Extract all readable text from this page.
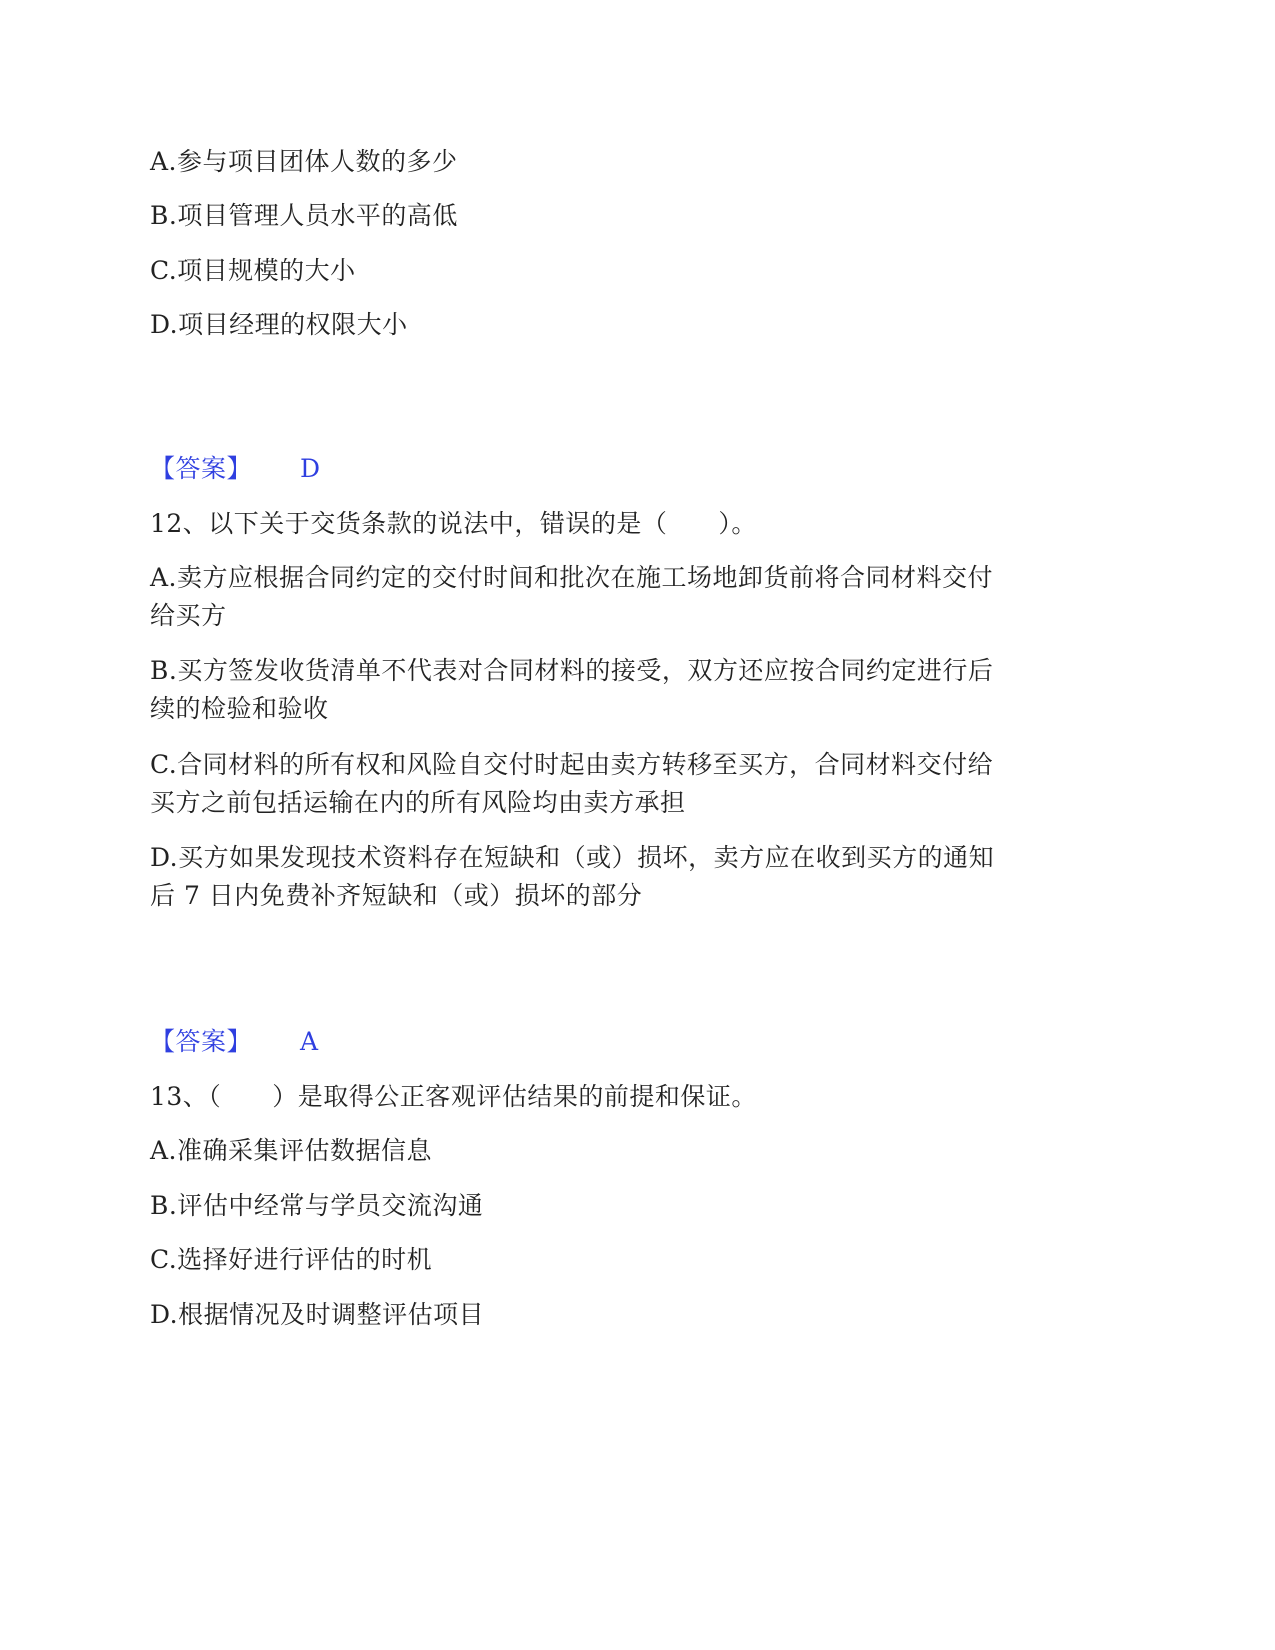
A.参与项目团体人数的多少
B.项目管理人员水平的高低
C.项目规模的大小
D.项目经理的权限大小
【答案】 D
12、以下关于交货条款的说法中，错误的是（　　）。
A.卖方应根据合同约定的交付时间和批次在施工场地卸货前将合同材料交付
给买方
B.买方签发收货清单不代表对合同材料的接受，双方还应按合同约定进行后
续的检验和验收
C.合同材料的所有权和风险自交付时起由卖方转移至买方，合同材料交付给
买方之前包括运输在内的所有风险均由卖方承担
D.买方如果发现技术资料存在短缺和（或）损坏，卖方应在收到买方的通知
后 7 日内免费补齐短缺和（或）损坏的部分
【答案】 A
13、（　　）是取得公正客观评估结果的前提和保证。
A.准确采集评估数据信息
B.评估中经常与学员交流沟通
C.选择好进行评估的时机
D.根据情况及时调整评估项目
